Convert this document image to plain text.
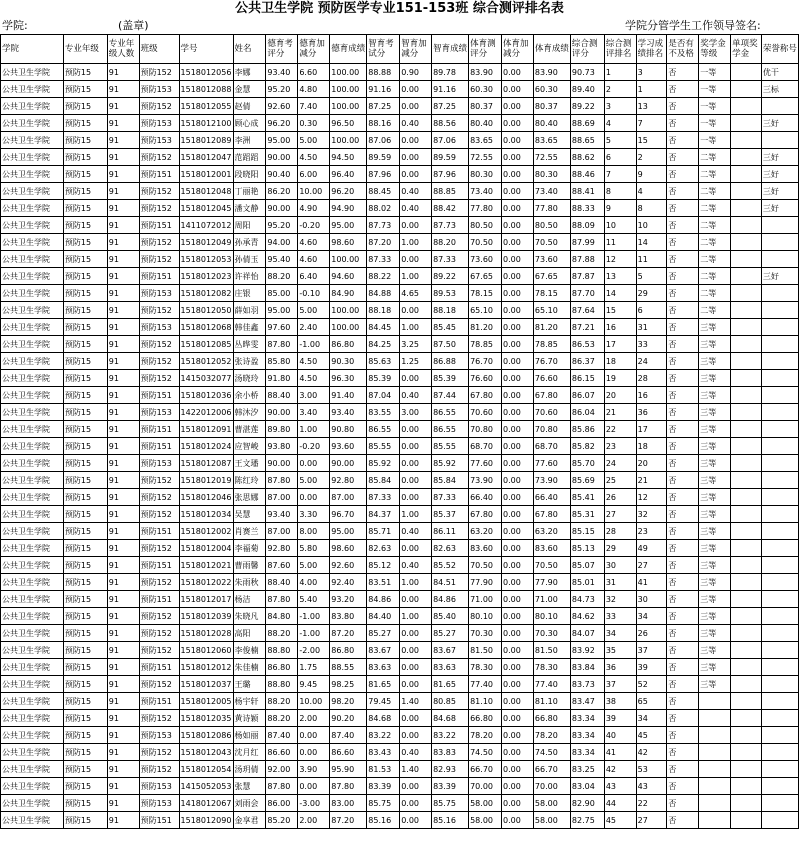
公共卫生学院 预防医学专业151-153班 综合测评排名表
学院:	(盖章)	学院分管学生工作领导签名:
学院	专业年级	专业年级人数	班级	学号	姓名	德育考评分	德育加减分	德育成绩	智育考试分	智育加减分	智育成绩	体育测评分	体育加减分	体育成绩	综合测评分	综合测评排名	学习成绩排名	是否有不及格	奖学金等级	单项奖学金	荣誉称号
公共卫生学院	预防15	91	预防152	1518012056	李娜	93.40	6.60	100.00	88.88	0.90	89.78	83.90	0.00	83.90	90.73	1	3	否	一等		优干
公共卫生学院	预防15	91	预防153	1518012088	金慧	95.20	4.80	100.00	91.16	0.00	91.16	60.30	0.00	60.30	89.40	2	1	否	一等		三标
公共卫生学院	预防15	91	预防152	1518012055	赵倩	92.60	7.40	100.00	87.25	0.00	87.25	80.37	0.00	80.37	89.22	3	13	否	一等		
公共卫生学院	预防15	91	预防153	1518012100	顾心成	96.20	0.30	96.50	88.16	0.40	88.56	80.40	0.00	80.40	88.69	4	7	否	一等		三好
公共卫生学院	预防15	91	预防153	1518012089	李洲	95.00	5.00	100.00	87.06	0.00	87.06	83.65	0.00	83.65	88.65	5	15	否	一等		
公共卫生学院	预防15	91	预防152	1518012047	范蹈蹈	90.00	4.50	94.50	89.59	0.00	89.59	72.55	0.00	72.55	88.62	6	2	否	二等		三好
公共卫生学院	预防15	91	预防151	1518012001	段晓阳	90.40	6.00	96.40	87.96	0.00	87.96	80.30	0.00	80.30	88.46	7	9	否	二等		三好
公共卫生学院	预防15	91	预防152	1518012048	丁丽艳	86.20	10.00	96.20	88.45	0.40	88.85	73.40	0.00	73.40	88.41	8	4	否	二等		三好
公共卫生学院	预防15	91	预防152	1518012045	潘文静	90.00	4.90	94.90	88.02	0.40	88.42	77.80	0.00	77.80	88.33	9	8	否	二等		三好
公共卫生学院	预防15	91	预防151	1411072012	周阳	95.20	-0.20	95.00	87.73	0.00	87.73	80.50	0.00	80.50	88.09	10	10	否	二等		
公共卫生学院	预防15	91	预防152	1518012049	孙承青	94.00	4.60	98.60	87.20	1.00	88.20	70.50	0.00	70.50	87.99	11	14	否	二等		
公共卫生学院	预防15	91	预防152	1518012053	孙倩玉	95.40	4.60	100.00	87.33	0.00	87.33	73.60	0.00	73.60	87.88	12	11	否	二等		
公共卫生学院	预防15	91	预防151	1518012023	许祥怡	88.20	6.40	94.60	88.22	1.00	89.22	67.65	0.00	67.65	87.87	13	5	否	二等		三好
公共卫生学院	预防15	91	预防153	1518012082	庄银	85.00	-0.10	84.90	84.88	4.65	89.53	78.15	0.00	78.15	87.70	14	29	否	二等		
公共卫生学院	预防15	91	预防152	1518012050	薛如羽	95.00	5.00	100.00	88.18	0.00	88.18	65.10	0.00	65.10	87.64	15	6	否	二等		
公共卫生学院	预防15	91	预防153	1518012068	韩佳鑫	97.60	2.40	100.00	84.45	1.00	85.45	81.20	0.00	81.20	87.21	16	31	否	三等		
公共卫生学院	预防15	91	预防152	1518012085	丛晔雯	87.80	-1.00	86.80	84.25	3.25	87.50	78.85	0.00	78.85	86.53	17	33	否	三等		
公共卫生学院	预防15	91	预防152	1518012052	张诗盈	85.80	4.50	90.30	85.63	1.25	86.88	76.70	0.00	76.70	86.37	18	24	否	三等		
公共卫生学院	预防15	91	预防152	1415032077	汤晓玲	91.80	4.50	96.30	85.39	0.00	85.39	76.60	0.00	76.60	86.15	19	28	否	三等		
公共卫生学院	预防15	91	预防151	1518012036	余小桥	88.40	3.00	91.40	87.04	0.40	87.44	67.80	0.00	67.80	86.07	20	16	否	三等		
公共卫生学院	预防15	91	预防153	1422012006	韩沐汐	90.00	3.40	93.40	83.55	3.00	86.55	70.60	0.00	70.60	86.04	21	36	否	三等		
公共卫生学院	预防15	91	预防151	1518012091	曹湛莲	89.80	1.00	90.80	86.55	0.00	86.55	70.80	0.00	70.80	85.86	22	17	否	三等		
公共卫生学院	预防15	91	预防151	1518012024	应智峻	93.80	-0.20	93.60	85.55	0.00	85.55	68.70	0.00	68.70	85.82	23	18	否	三等		
公共卫生学院	预防15	91	预防153	1518012087	王文璠	90.00	0.00	90.00	85.92	0.00	85.92	77.60	0.00	77.60	85.70	24	20	否	三等		
公共卫生学院	预防15	91	预防152	1518012019	陈红玲	87.80	5.00	92.80	85.84	0.00	85.84	73.90	0.00	73.90	85.69	25	21	否	三等		
公共卫生学院	预防15	91	预防152	1518012046	张思娜	87.00	0.00	87.00	87.33	0.00	87.33	66.40	0.00	66.40	85.41	26	12	否	三等		
公共卫生学院	预防15	91	预防152	1518012034	吴慧	93.40	3.30	96.70	84.37	1.00	85.37	67.80	0.00	67.80	85.31	27	32	否	三等		
公共卫生学院	预防15	91	预防151	1518012002	肖赛兰	87.00	8.00	95.00	85.71	0.40	86.11	63.20	0.00	63.20	85.15	28	23	否	三等		
公共卫生学院	预防15	91	预防152	1518012004	李福菊	92.80	5.80	98.60	82.63	0.00	82.63	83.60	0.00	83.60	85.13	29	49	否	三等		
公共卫生学院	预防15	91	预防151	1518012021	曹雨馨	87.60	5.00	92.60	85.12	0.40	85.52	70.50	0.00	70.50	85.07	30	27	否	三等		
公共卫生学院	预防15	91	预防152	1518012022	朱雨秋	88.40	4.00	92.40	83.51	1.00	84.51	77.90	0.00	77.90	85.01	31	41	否	三等		
公共卫生学院	预防15	91	预防151	1518012017	杨洁	87.80	5.40	93.20	84.86	0.00	84.86	71.00	0.00	71.00	84.73	32	30	否	三等		
公共卫生学院	预防15	91	预防152	1518012039	朱晓凡	84.80	-1.00	83.80	84.40	1.00	85.40	80.10	0.00	80.10	84.62	33	34	否	三等		
公共卫生学院	预防15	91	预防152	1518012028	高阳	88.20	-1.00	87.20	85.27	0.00	85.27	70.30	0.00	70.30	84.07	34	26	否	三等		
公共卫生学院	预防15	91	预防152	1518012060	李俊楠	88.80	-2.00	86.80	83.67	0.00	83.67	81.50	0.00	81.50	83.92	35	37	否	三等		
公共卫生学院	预防15	91	预防151	1518012012	朱佳楠	86.80	1.75	88.55	83.63	0.00	83.63	78.30	0.00	78.30	83.84	36	39	否	三等		
公共卫生学院	预防15	91	预防152	1518012037	王璐	88.80	9.45	98.25	81.65	0.00	81.65	77.40	0.00	77.40	83.73	37	52	否	三等		
公共卫生学院	预防15	91	预防151	1518012005	杨宇轩	88.20	10.00	98.20	79.45	1.40	80.85	81.10	0.00	81.10	83.47	38	65	否			
公共卫生学院	预防15	91	预防152	1518012035	黄诗颖	88.20	2.00	90.20	84.68	0.00	84.68	66.80	0.00	66.80	83.34	39	34	否			
公共卫生学院	预防15	91	预防153	1518012086	杨如丽	87.40	0.00	87.40	83.22	0.00	83.22	78.20	0.00	78.20	83.34	40	45	否			
公共卫生学院	预防15	91	预防152	1518012043	沈月红	86.60	0.00	86.60	83.43	0.40	83.83	74.50	0.00	74.50	83.34	41	42	否			
公共卫生学院	预防15	91	预防152	1518012054	汤玥倩	92.00	3.90	95.90	81.53	1.40	82.93	66.70	0.00	66.70	83.25	42	53	否			
公共卫生学院	预防15	91	预防153	1415052053	张慧	87.80	0.00	87.80	83.39	0.00	83.39	70.00	0.00	70.00	83.04	43	43	否			
公共卫生学院	预防15	91	预防153	1418012067	刘雨会	86.00	-3.00	83.00	85.75	0.00	85.75	58.00	0.00	58.00	82.90	44	22	否			
公共卫生学院	预防15	91	预防151	1518012090	金享君	85.20	2.00	87.20	85.16	0.00	85.16	58.00	0.00	58.00	82.75	45	27	否			
